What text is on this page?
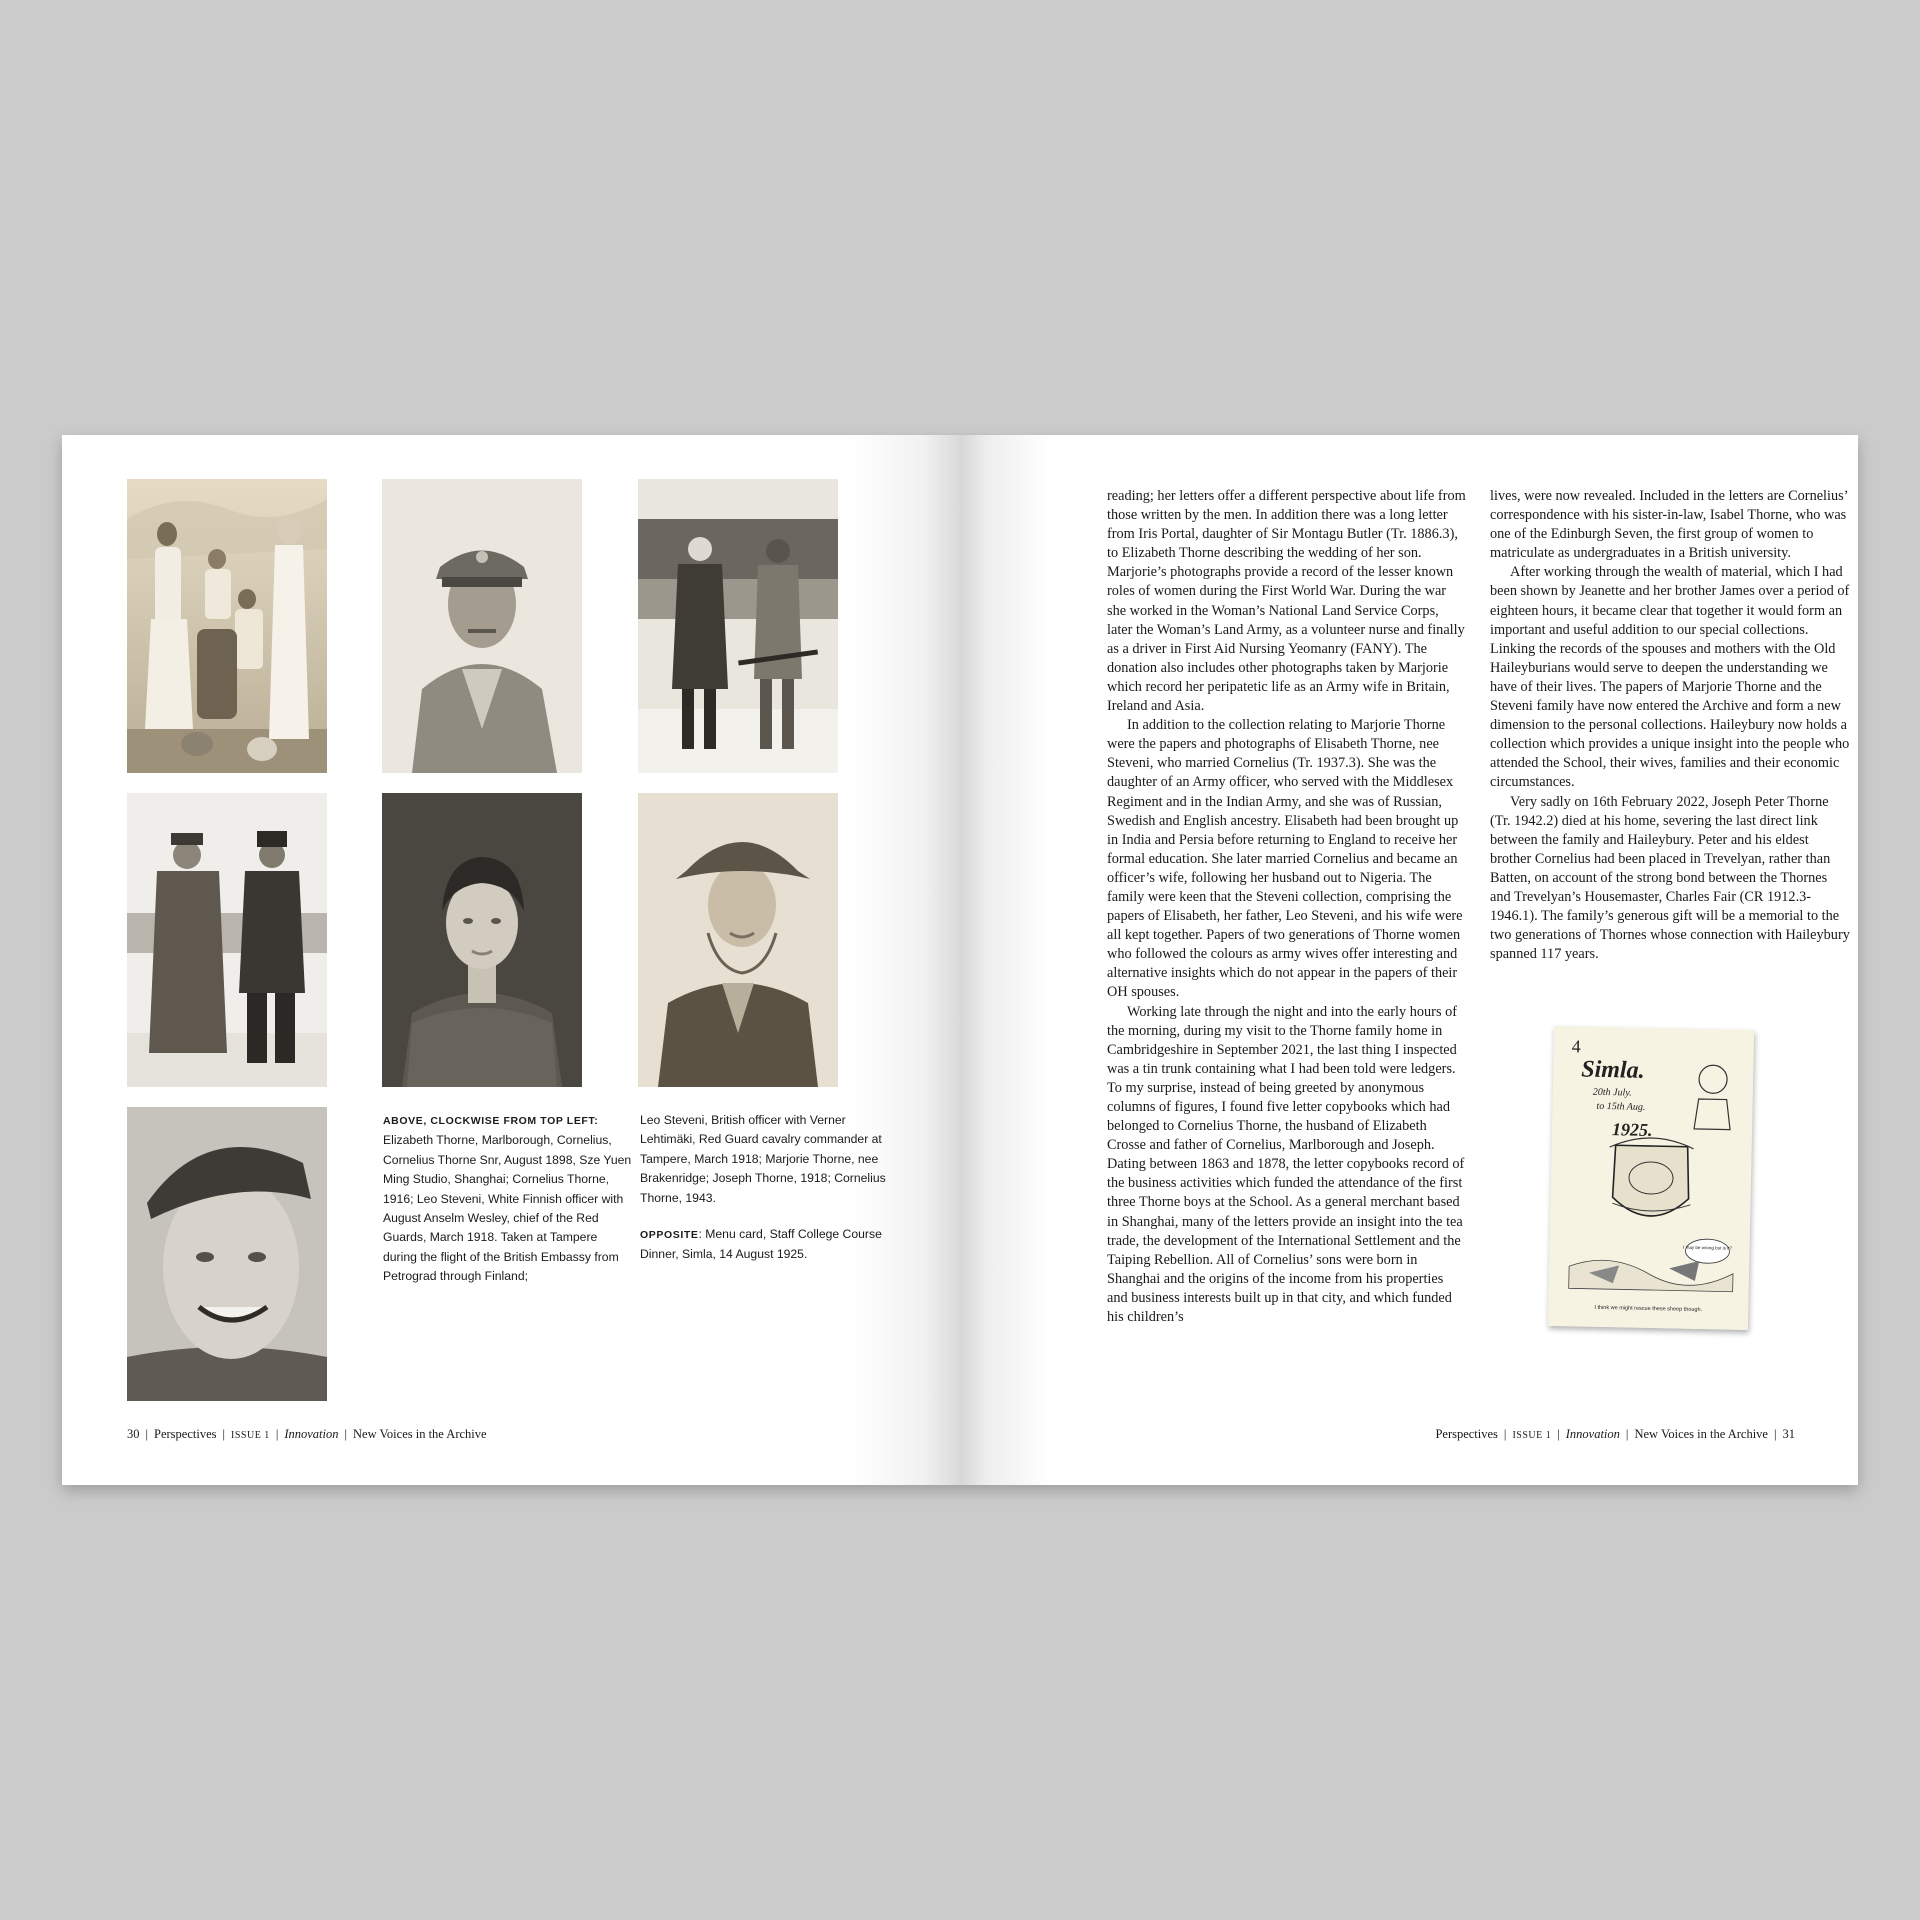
ABOVE, CLOCKWISE FROM TOP LEFT: Elizabeth Thorne, Marlborough, Cornelius, Cornelius Thorne Snr, August 1898, Sze Yuen Ming Studio, Shanghai; Cornelius Thorne, 1916; Leo Steveni, White Finnish officer with August Anselm Wesley, chief of the Red Guards, March 1918. Taken at Tampere during the flight of the British Embassy from Petrograd through Finland;

Leo Steveni, British officer with Verner Lehtimäki, Red Guard cavalry commander at Tampere, March 1918; Marjorie Thorne, nee Brakenridge; Joseph Thorne, 1918; Cornelius Thorne, 1943.

OPPOSITE: Menu card, Staff College Course Dinner, Simla, 14 August 1925.

30 | Perspectives | ISSUE 1 | Innovation | New Voices in the Archive

reading; her letters offer a different perspective about life from those written by the men. In addition there was a long letter from Iris Portal, daughter of Sir Montagu Butler (Tr. 1886.3), to Elizabeth Thorne describing the wedding of her son. Marjorie’s photographs provide a record of the lesser known roles of women during the First World War. During the war she worked in the Woman’s National Land Service Corps, later the Woman’s Land Army, as a volunteer nurse and finally as a driver in First Aid Nursing Yeomanry (FANY). The donation also includes other photographs taken by Marjorie which record her peripatetic life as an Army wife in Britain, Ireland and Asia.

In addition to the collection relating to Marjorie Thorne were the papers and photographs of Elisabeth Thorne, nee Steveni, who married Cornelius (Tr. 1937.3). She was the daughter of an Army officer, who served with the Middlesex Regiment and in the Indian Army, and she was of Russian, Swedish and English ancestry. Elisabeth had been brought up in India and Persia before returning to England to receive her formal education. She later married Cornelius and became an officer’s wife, following her husband out to Nigeria. The family were keen that the Steveni collection, comprising the papers of Elisabeth, her father, Leo Steveni, and his wife were all kept together. Papers of two generations of Thorne women who followed the colours as army wives offer interesting and alternative insights which do not appear in the papers of their OH spouses.

Working late through the night and into the early hours of the morning, during my visit to the Thorne family home in Cambridgeshire in September 2021, the last thing I inspected was a tin trunk containing what I had been told were ledgers. To my surprise, instead of being greeted by anonymous columns of figures, I found five letter copybooks which had belonged to Cornelius Thorne, the husband of Elizabeth Crosse and father of Cornelius, Marlborough and Joseph. Dating between 1863 and 1878, the letter copybooks record of the business activities which funded the attendance of the first three Thorne boys at the School. As a general merchant based in Shanghai, many of the letters provide an insight into the tea trade, the development of the International Settlement and the Taiping Rebellion. All of Cornelius’ sons were born in Shanghai and the origins of the income from his properties and business interests built up in that city, and which funded his children’s

lives, were now revealed. Included in the letters are Cornelius’ correspondence with his sister-in-law, Isabel Thorne, who was one of the Edinburgh Seven, the first group of women to matriculate as undergraduates in a British university.

After working through the wealth of material, which I had been shown by Jeanette and her brother James over a period of eighteen hours, it became clear that together it would form an important and useful addition to our special collections. Linking the records of the spouses and mothers with the Old Haileyburians would serve to deepen the understanding we have of their lives. The papers of Marjorie Thorne and the Steveni family have now entered the Archive and form a new dimension to the personal collections. Haileybury now holds a collection which provides a unique insight into the people who attended the School, their wives, families and their economic circumstances.

Very sadly on 16th February 2022, Joseph Peter Thorne (Tr. 1942.2) died at his home, severing the last direct link between the family and Haileybury. Peter and his eldest brother Cornelius had been placed in Trevelyan, rather than Batten, on account of the strong bond between the Thornes and Trevelyan’s Housemaster, Charles Fair (CR 1912.3-1946.1). The family’s generous gift will be a memorial to the two generations of Thornes whose connection with Haileybury spanned 117 years.

4
Simla.
20th July.
to 15th Aug.
1925.
I may be wrong but is it?
I think we might rescue these sheep though.
Perspectives | ISSUE 1 | Innovation | New Voices in the Archive | 31
